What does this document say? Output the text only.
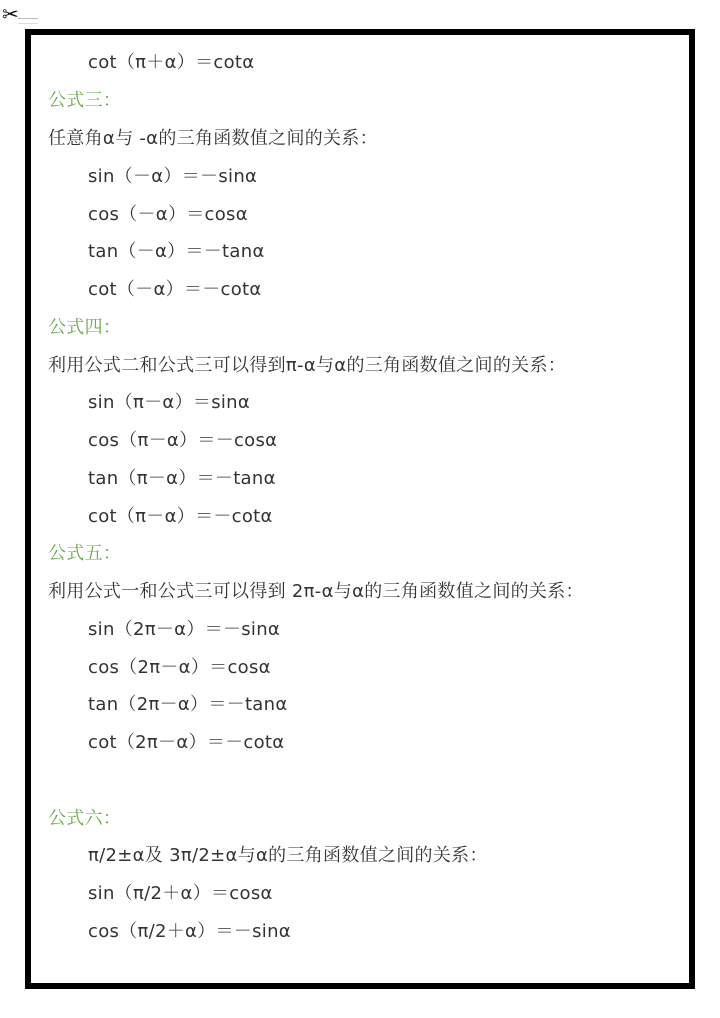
✂
cot（π＋α）＝cotα
公式三：
任意角α与 -α的三角函数值之间的关系：
sin（－α）＝－sinα
cos（－α）＝cosα
tan（－α）＝－tanα
cot（－α）＝－cotα
公式四：
利用公式二和公式三可以得到π-α与α的三角函数值之间的关系：
sin（π－α）＝sinα
cos（π－α）＝－cosα
tan（π－α）＝－tanα
cot（π－α）＝－cotα
公式五：
利用公式一和公式三可以得到 2π-α与α的三角函数值之间的关系：
sin（2π－α）＝－sinα
cos（2π－α）＝cosα
tan（2π－α）＝－tanα
cot（2π－α）＝－cotα
公式六：
π/2±α及 3π/2±α与α的三角函数值之间的关系：
sin（π/2＋α）＝cosα
cos（π/2＋α）＝－sinα
